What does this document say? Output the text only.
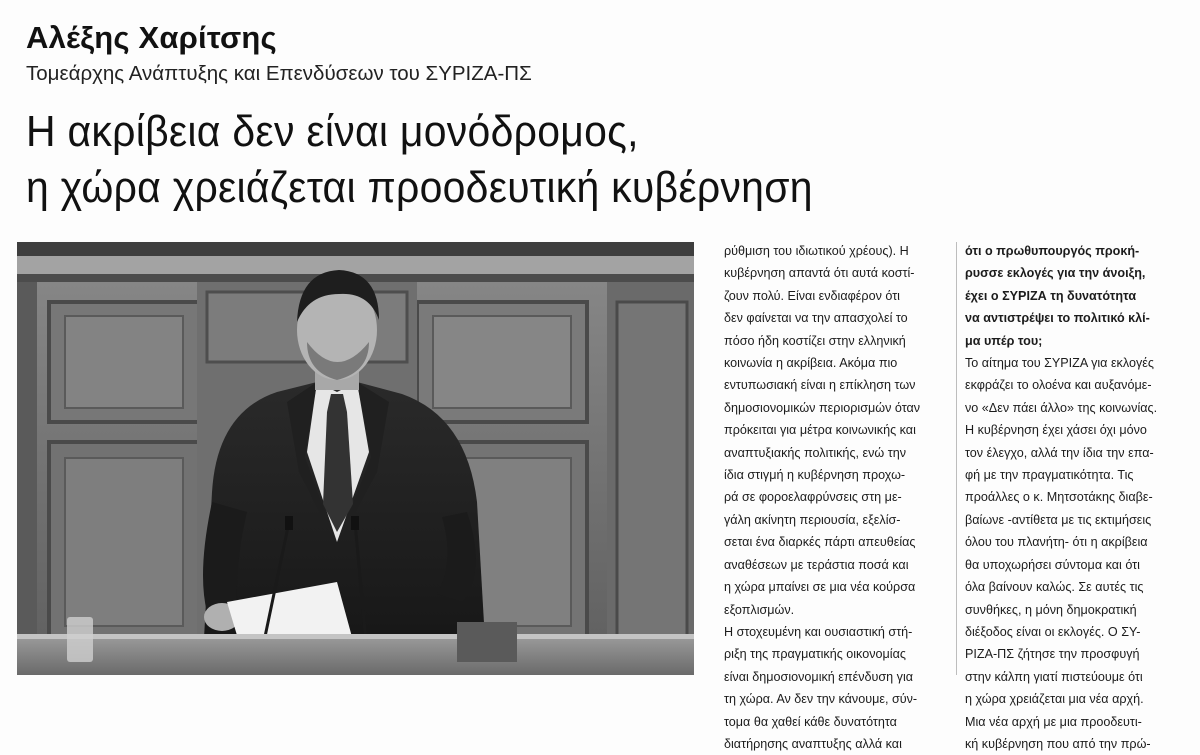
Αλέξης Χαρίτσης
Τομεάρχης Ανάπτυξης και Επενδύσεων του ΣΥΡΙΖΑ-ΠΣ
Η ακρίβεια δεν είναι μονόδρομος,
η χώρα χρειάζεται προοδευτική κυβέρνηση
ρύθμιση του ιδιωτικού χρέους). Η
κυβέρνηση απαντά ότι αυτά κοστί-
ζουν πολύ. Είναι ενδιαφέρον ότι
δεν φαίνεται να την απασχολεί το
πόσο ήδη κοστίζει στην ελληνική
κοινωνία η ακρίβεια. Ακόμα πιο
εντυπωσιακή είναι η επίκληση των
δημοσιονομικών περιορισμών όταν
πρόκειται για μέτρα κοινωνικής και
αναπτυξιακής πολιτικής, ενώ την
ίδια στιγμή η κυβέρνηση προχω-
ρά σε φοροελαφρύνσεις στη με-
γάλη ακίνητη περιουσία, εξελίσ-
σεται ένα διαρκές πάρτι απευθείας
αναθέσεων με τεράστια ποσά και
η χώρα μπαίνει σε μια νέα κούρσα
εξοπλισμών.
Η στοχευμένη και ουσιαστική στή-
ριξη της πραγματικής οικονομίας
είναι δημοσιονομική επένδυση για
τη χώρα. Αν δεν την κάνουμε, σύν-
τομα θα χαθεί κάθε δυνατότητα
διατήρησης αναπτυξης αλλά και
ότι ο πρωθυπουργός προκή-
ρυσσε εκλογές για την άνοιξη,
έχει ο ΣΥΡΙΖΑ τη δυνατότητα
να αντιστρέψει το πολιτικό κλί-
μα υπέρ του;
Το αίτημα του ΣΥΡΙΖΑ για εκλογές
εκφράζει το ολοένα και αυξανόμε-
νο «Δεν πάει άλλο» της κοινωνίας.
Η κυβέρνηση έχει χάσει όχι μόνο
τον έλεγχο, αλλά την ίδια την επα-
φή με την πραγματικότητα. Τις
προάλλες ο κ. Μητσοτάκης διαβε-
βαίωνε -αντίθετα με τις εκτιμήσεις
όλου του πλανήτη- ότι η ακρίβεια
θα υποχωρήσει σύντομα και ότι
όλα βαίνουν καλώς. Σε αυτές τις
συνθήκες, η μόνη δημοκρατική
διέξοδος είναι οι εκλογές. Ο ΣΥ-
ΡΙΖΑ-ΠΣ ζήτησε την προσφυγή
στην κάλπη γιατί πιστεύουμε ότι
η χώρα χρειάζεται μια νέα αρχή.
Μια νέα αρχή με μια προοδευτι-
κή κυβέρνηση που από την πρώ-
